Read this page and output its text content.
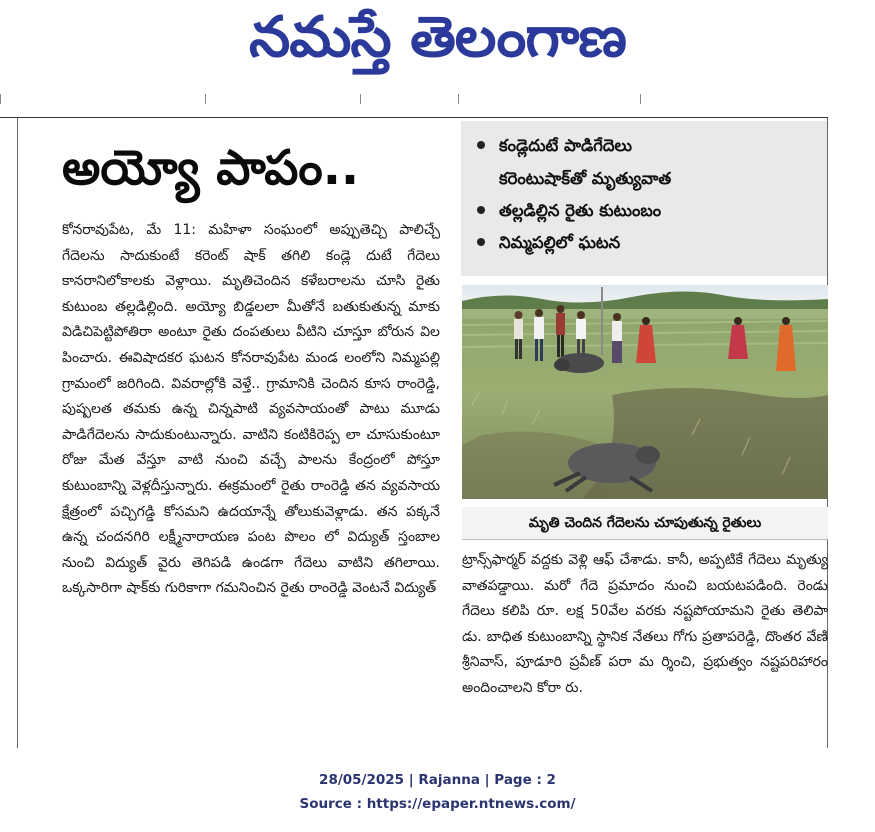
నమస్తే తెలంగాణ
అయ్యో పాపం..	కండ్లెదుటే పాడిగేదెలు
కరెంటుషాక్‌తో మృత్యువాత
తల్లడిల్లిన రైతు కుటుంబం
నిమ్మపల్లిలో ఘటన
మృతి చెందిన గేదెలను చూపుతున్న రైతులు

కోనరావుపేట, మే 11: మహిళా సంఘంలో అప్పుతెచ్చి పాలిచ్చే గేదెలను సాదుకుంటే కరెంట్ షాక్ తగిలి కండ్లె దుటే గేదెలు కానరానిలోకాలకు వెళ్లాయి. మృతిచెందిన కళేబరాలను చూసి రైతు కుటుంబ తల్లడిల్లింది. అయ్యో బిడ్డలలా మీతోనే బతుకుతున్న మాకు విడిచిపెట్టిపోతిరా అంటూ రైతు దంపతులు వీటిని చూస్తూ బోరున విల పించారు. ఈవిషాదకర ఘటన కోనరావుపేట మండ లంలోని నిమ్మపల్లి గ్రామంలో జరిగింది. వివరాల్లోకి వెళ్తే.. గ్రామానికి చెందిన కూస రాంరెడ్డి, పుష్పలత తమకు ఉన్న చిన్నపాటి వ్యవసాయంతో పాటు మూడు పాడిగేదెలను సాదుకుంటున్నారు. వాటిని కంటికిరెప్ప లా చూసుకుంటూ రోజు మేత వేస్తూ వాటి నుంచి వచ్చే పాలను కేంద్రంలో పోస్తూ కుటుంబాన్ని వెళ్లదీస్తున్నారు. ఈక్రమంలో రైతు రాంరెడ్డి తన వ్యవసాయ క్షేత్రంలో పచ్చిగడ్డి కోసమని ఉదయాన్నే తోలుకువెళ్లాడు. తన పక్కనే ఉన్న చందనగిరి లక్ష్మీనారాయణ పంట పొలం లో విద్యుత్ స్తంబాల నుంచి విద్యుత్ వైరు తెగిపడి ఉండగా గేదెలు వాటిని తగిలాయి. ఒక్కసారిగా షాక్‌కు గురికాగా గమనించిన రైతు రాంరెడ్డి వెంటనే విద్యుత్

ట్రాన్స్‌ఫార్మర్ వద్దకు వెళ్లి ఆఫ్ చేశాడు. కానీ, అప్పటికే గేదెలు మృత్యు వాతపడ్డాయి. మరో గేదె ప్రమాదం నుంచి బయటపడింది. రెండు గేదెలు కలిపి రూ. లక్ష 50వేల వరకు నష్టపోయామని రైతు తెలిపా డు. బాధిత కుటుంబాన్ని స్థానిక నేతలు గోగు ప్రతాపరెడ్డి, దొంతర వేణి శ్రీనివాస్, పూడూరి ప్రవీణ్ పరా మ ర్శించి, ప్రభుత్వం నష్టపరిహారం అందించాలని కోరా రు.

28/05/2025 | Rajanna | Page : 2
Source : https://epaper.ntnews.com/
